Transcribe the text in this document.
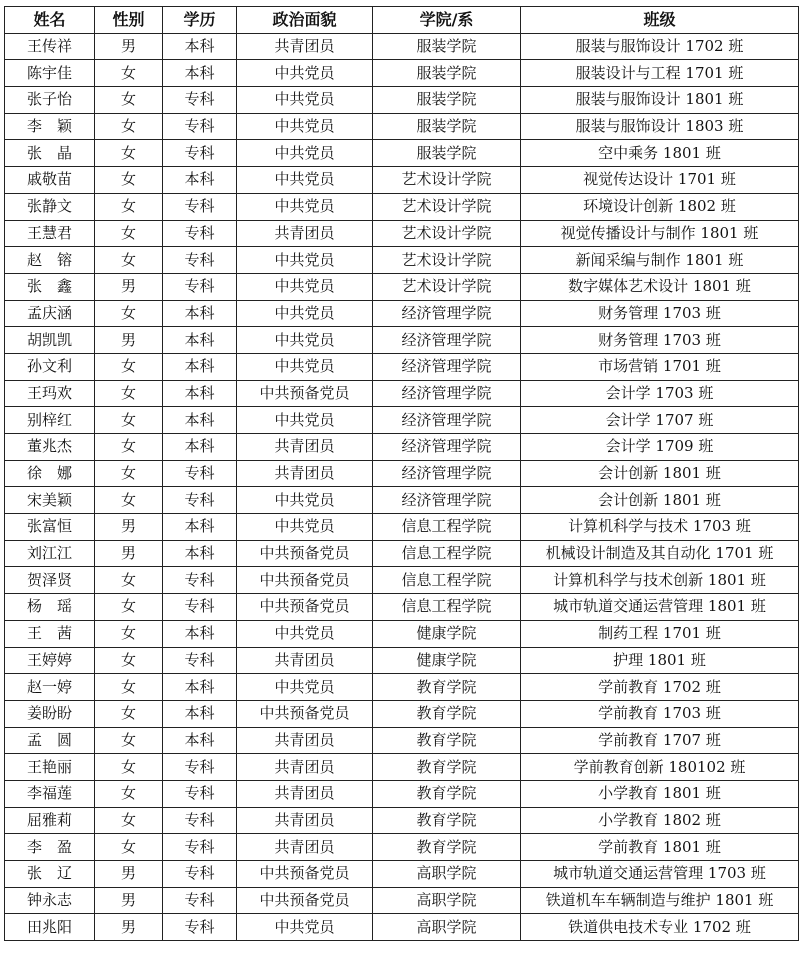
姓名	性别	学历	政治面貌	学院/系	班级
王传祥	男	本科	共青团员	服装学院	服装与服饰设计 1702 班
陈宇佳	女	本科	中共党员	服装学院	服装设计与工程 1701 班
张子怡	女	专科	中共党员	服装学院	服装与服饰设计 1801 班
李　颖	女	专科	中共党员	服装学院	服装与服饰设计 1803 班
张　晶	女	专科	中共党员	服装学院	空中乘务 1801 班
戚敬苗	女	本科	中共党员	艺术设计学院	视觉传达设计 1701 班
张静文	女	专科	中共党员	艺术设计学院	环境设计创新 1802 班
王慧君	女	专科	共青团员	艺术设计学院	视觉传播设计与制作 1801 班
赵　镕	女	专科	中共党员	艺术设计学院	新闻采编与制作 1801 班
张　鑫	男	专科	中共党员	艺术设计学院	数字媒体艺术设计 1801 班
孟庆涵	女	本科	中共党员	经济管理学院	财务管理 1703 班
胡凯凯	男	本科	中共党员	经济管理学院	财务管理 1703 班
孙文利	女	本科	中共党员	经济管理学院	市场营销 1701 班
王玛欢	女	本科	中共预备党员	经济管理学院	会计学 1703 班
别梓红	女	本科	中共党员	经济管理学院	会计学 1707 班
董兆杰	女	本科	共青团员	经济管理学院	会计学 1709 班
徐　娜	女	专科	共青团员	经济管理学院	会计创新 1801 班
宋美颖	女	专科	中共党员	经济管理学院	会计创新 1801 班
张富恒	男	本科	中共党员	信息工程学院	计算机科学与技术 1703 班
刘江江	男	本科	中共预备党员	信息工程学院	机械设计制造及其自动化 1701 班
贺泽贤	女	专科	中共预备党员	信息工程学院	计算机科学与技术创新 1801 班
杨　瑶	女	专科	中共预备党员	信息工程学院	城市轨道交通运营管理 1801 班
王　茜	女	本科	中共党员	健康学院	制药工程 1701 班
王婷婷	女	专科	共青团员	健康学院	护理 1801 班
赵一婷	女	本科	中共党员	教育学院	学前教育 1702 班
姜盼盼	女	本科	中共预备党员	教育学院	学前教育 1703 班
孟　圆	女	本科	共青团员	教育学院	学前教育 1707 班
王艳丽	女	专科	共青团员	教育学院	学前教育创新 180102 班
李福莲	女	专科	共青团员	教育学院	小学教育 1801 班
屈雅莉	女	专科	共青团员	教育学院	小学教育 1802 班
李　盈	女	专科	共青团员	教育学院	学前教育 1801 班
张　辽	男	专科	中共预备党员	高职学院	城市轨道交通运营管理 1703 班
钟永志	男	专科	中共预备党员	高职学院	铁道机车车辆制造与维护 1801 班
田兆阳	男	专科	中共党员	高职学院	铁道供电技术专业 1702 班
